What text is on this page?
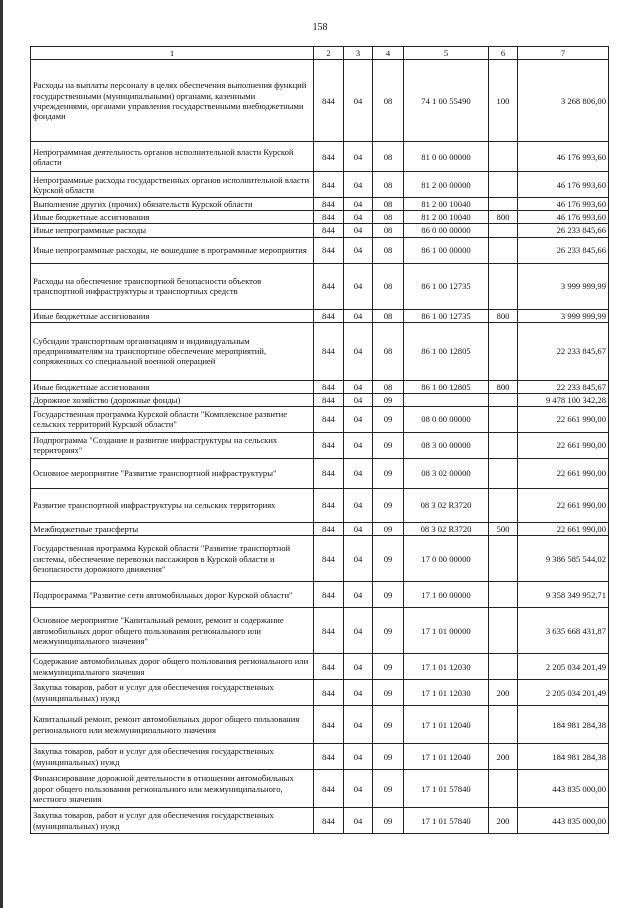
158
1	2	3	4	5	6	7
Расходы на выплаты персоналу в целях обеспечения выполнения функций государственными (муниципальными) органами, казенными учреждениями, органами управления государственными внебюджетными фондами	844	04	08	74 1 00 55490	100	3 268 806,00
Непрограммная деятельность органов исполнительной власти Курской области	844	04	08	81 0 00 00000		46 176 993,60
Непрограммные расходы государственных органов исполнительной власти Курской области	844	04	08	81 2 00 00000		46 176 993,60
Выполнение других (прочих) обязательств Курской области	844	04	08	81 2 00 10040		46 176 993,60
Иные бюджетные ассигнования	844	04	08	81 2 00 10040	800	46 176 993,60
Иные непрограммные расходы	844	04	08	86 0 00 00000		26 233 845,66
Иные непрограммные расходы, не вошедшие в программные мероприятия	844	04	08	86 1 00 00000		26 233 845,66
Расходы на обеспечение транспортной безопасности объектов транспортной инфраструктуры и транспортных средств	844	04	08	86 1 00 12735		3 999 999,99
Иные бюджетные ассигнования	844	04	08	86 1 00 12735	800	3 999 999,99
Субсидии транспортным организациям и индивидуальным предпринимателям на транспортное обеспечение мероприятий, сопряженных со специальной военной операцией	844	04	08	86 1 00 12805		22 233 845,67
Иные бюджетные ассигнования	844	04	08	86 1 00 12805	800	22 233 845,67
Дорожное хозяйство (дорожные фонды)	844	04	09			9 478 100 342,28
Государственная программа Курской области "Комплексное развитие сельских территорий Курской области"	844	04	09	08 0 00 00000		22 661 990,00
Подпрограмма "Создание и развитие инфраструктуры на сельских территориях"	844	04	09	08 3 00 00000		22 661 990,00
Основное мероприятие "Развитие транспортной инфраструктуры"	844	04	09	08 3 02 00000		22 661 990,00
Развитие транспортной инфраструктуры на сельских территориях	844	04	09	08 3 02 R3720		22 661 990,00
Межбюджетные трансферты	844	04	09	08 3 02 R3720	500	22 661 990,00
Государственная программа Курской области "Развитие транспортной системы, обеспечение перевозки пассажиров в Курской области и безопасности дорожного движения"	844	04	09	17 0 00 00000		9 386 585 544,02
Подпрограмма "Развитие сети автомобильных дорог Курской области"	844	04	09	17 1 00 00000		9 358 349 952,71
Основное мероприятие "Капитальный ремонт, ремонт и содержание автомобильных дорог общего пользования регионального или межмуниципального значения"	844	04	09	17 1 01 00000		3 635 668 431,87
Содержание автомобильных дорог общего пользования регионального или межмуниципального значения	844	04	09	17 1 01 12030		2 205 034 201,49
Закупка товаров, работ и услуг для обеспечения государственных (муниципальных) нужд	844	04	09	17 1 01 12030	200	2 205 034 201,49
Капитальный ремонт, ремонт автомобильных дорог общего пользования регионального или межмуниципального значения	844	04	09	17 1 01 12040		184 981 284,38
Закупка товаров, работ и услуг для обеспечения государственных (муниципальных) нужд	844	04	09	17 1 01 12040	200	184 981 284,38
Финансирование дорожной деятельности в отношении автомобильных дорог общего пользования регионального или межмуниципального, местного значения	844	04	09	17 1 01 57840		443 835 000,00
Закупка товаров, работ и услуг для обеспечения государственных (муниципальных) нужд	844	04	09	17 1 01 57840	200	443 835 000,00
